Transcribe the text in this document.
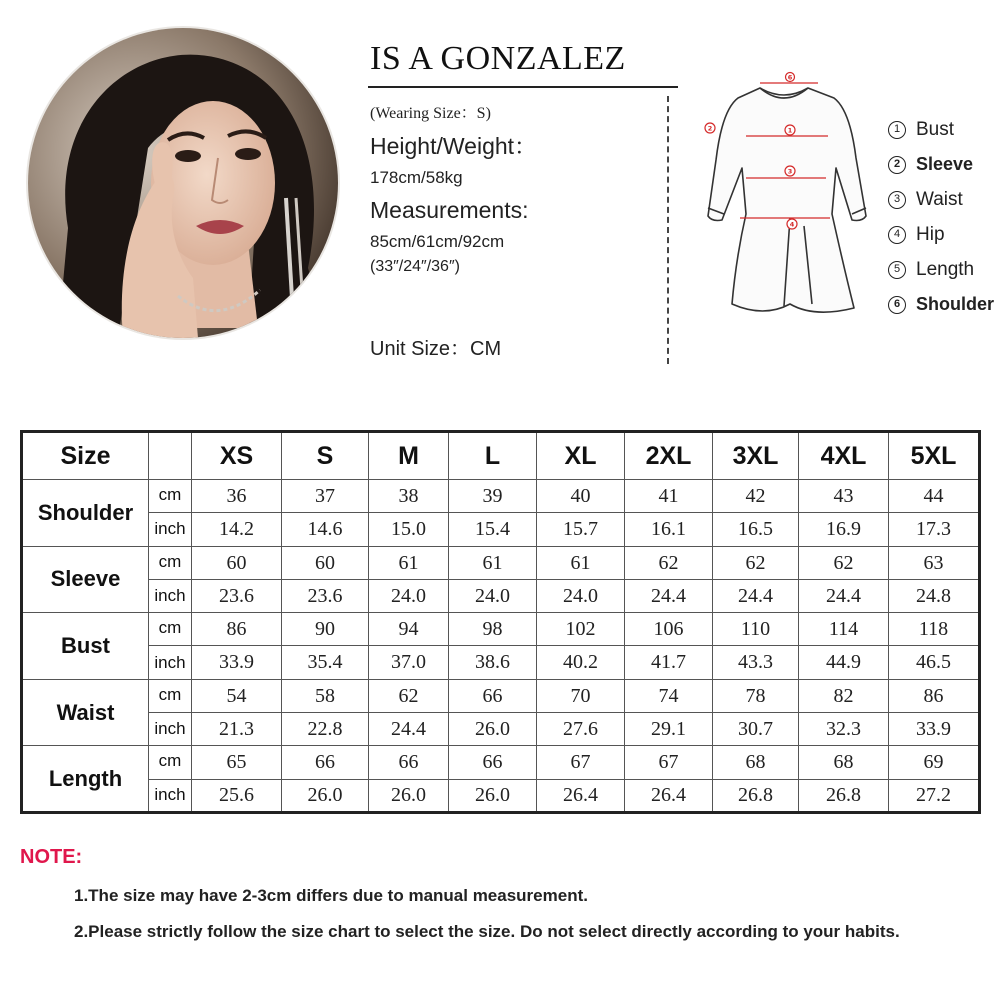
IS A GONZALEZ
(Wearing Size：S)
Height/Weight：
178cm/58kg
Measurements:
85cm/61cm/92cm
(33″/24″/36″)
Unit Size：CM
6
1
3
4
2	1 Bust
2 Sleeve
3 Waist
4 Hip
5 Length
6 Shoulder
Size		XS	S	M	L	XL	2XL	3XL	4XL	5XL
Shoulder	cm	36	37	38	39	40	41	42	43	44
	inch	14.2	14.6	15.0	15.4	15.7	16.1	16.5	16.9	17.3
Sleeve	cm	60	60	61	61	61	62	62	62	63
	inch	23.6	23.6	24.0	24.0	24.0	24.4	24.4	24.4	24.8
Bust	cm	86	90	94	98	102	106	110	114	118
	inch	33.9	35.4	37.0	38.6	40.2	41.7	43.3	44.9	46.5
Waist	cm	54	58	62	66	70	74	78	82	86
	inch	21.3	22.8	24.4	26.0	27.6	29.1	30.7	32.3	33.9
Length	cm	65	66	66	66	67	67	68	68	69
	inch	25.6	26.0	26.0	26.0	26.4	26.4	26.8	26.8	27.2
NOTE:
1.The size may have 2-3cm differs due to manual measurement.
2.Please strictly follow the size chart to select the size. Do not select directly according to your habits.
